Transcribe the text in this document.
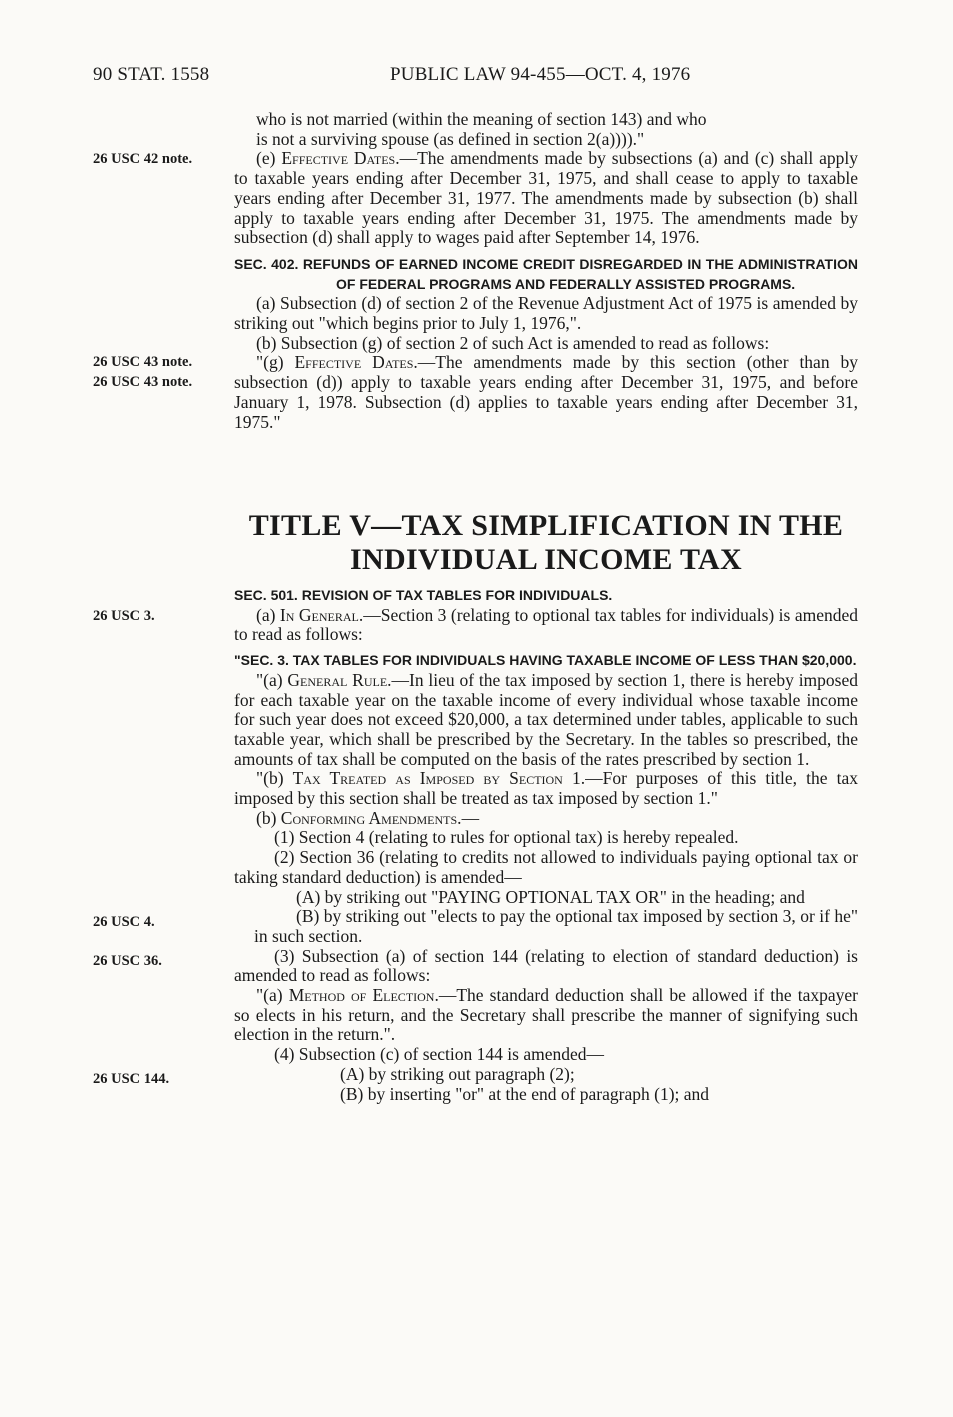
90 STAT. 1558	PUBLIC LAW 94-455—OCT. 4, 1976
26 USC 42 note.
26 USC 43 note.
26 USC 43 note.
26 USC 3.
26 USC 4.
26 USC 36.
26 USC 144.

who is not married (within the meaning of section 143) and who

is not a surviving spouse (as defined in section 2(a))))."

(e) Effective Dates.—The amendments made by subsections (a) and (c) shall apply to taxable years ending after December 31, 1975, and shall cease to apply to taxable years ending after December 31, 1977. The amendments made by subsection (b) shall apply to taxable years ending after December 31, 1975. The amendments made by subsection (d) shall apply to wages paid after September 14, 1976.

SEC. 402. REFUNDS OF EARNED INCOME CREDIT DISREGARDED IN THE ADMINISTRATION OF FEDERAL PROGRAMS AND FEDERALLY ASSISTED PROGRAMS.

(a) Subsection (d) of section 2 of the Revenue Adjustment Act of 1975 is amended by striking out "which begins prior to July 1, 1976,".

(b) Subsection (g) of section 2 of such Act is amended to read as follows:

"(g) Effective Dates.—The amendments made by this section (other than by subsection (d)) apply to taxable years ending after December 31, 1975, and before January 1, 1978. Subsection (d) applies to taxable years ending after December 31, 1975."

TITLE V—TAX SIMPLIFICATION IN THE
INDIVIDUAL INCOME TAX

SEC. 501. REVISION OF TAX TABLES FOR INDIVIDUALS.

(a) In General.—Section 3 (relating to optional tax tables for individuals) is amended to read as follows:

"SEC. 3. TAX TABLES FOR INDIVIDUALS HAVING TAXABLE INCOME OF LESS THAN $20,000.

"(a) General Rule.—In lieu of the tax imposed by section 1, there is hereby imposed for each taxable year on the taxable income of every individual whose taxable income for such year does not exceed $20,000, a tax determined under tables, applicable to such taxable year, which shall be prescribed by the Secretary. In the tables so prescribed, the amounts of tax shall be computed on the basis of the rates prescribed by section 1.

"(b) Tax Treated as Imposed by Section 1.—For purposes of this title, the tax imposed by this section shall be treated as tax imposed by section 1."

(b) Conforming Amendments.—

(1) Section 4 (relating to rules for optional tax) is hereby repealed.

(2) Section 36 (relating to credits not allowed to individuals paying optional tax or taking standard deduction) is amended—

(A) by striking out "PAYING OPTIONAL TAX OR" in the heading; and

(B) by striking out "elects to pay the optional tax imposed by section 3, or if he" in such section.

(3) Subsection (a) of section 144 (relating to election of standard deduction) is amended to read as follows:

"(a) Method of Election.—The standard deduction shall be allowed if the taxpayer so elects in his return, and the Secretary shall prescribe the manner of signifying such election in the return.".

(4) Subsection (c) of section 144 is amended—

(A) by striking out paragraph (2);

(B) by inserting "or" at the end of paragraph (1); and
